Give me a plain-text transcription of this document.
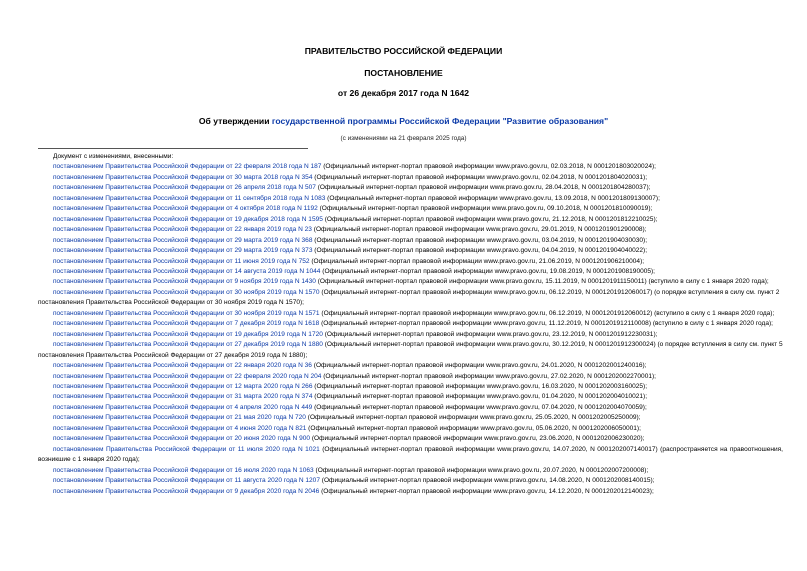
ПРАВИТЕЛЬСТВО РОССИЙСКОЙ ФЕДЕРАЦИИ
ПОСТАНОВЛЕНИЕ
от 26 декабря 2017 года N 1642
Об утверждении государственной программы Российской Федерации "Развитие образования"
(с изменениями на 21 февраля 2025 года)
Документ с изменениями, внесенными:
постановлением Правительства Российской Федерации от 22 февраля 2018 года N 187 (Официальный интернет-портал правовой информации www.pravo.gov.ru, 02.03.2018, N 0001201803020024);
постановлением Правительства Российской Федерации от 30 марта 2018 года N 354 (Официальный интернет-портал правовой информации www.pravo.gov.ru, 02.04.2018, N 0001201804020031);
постановлением Правительства Российской Федерации от 26 апреля 2018 года N 507 (Официальный интернет-портал правовой информации www.pravo.gov.ru, 28.04.2018, N 0001201804280037);
постановлением Правительства Российской Федерации от 11 сентября 2018 года N 1083 (Официальный интернет-портал правовой информации www.pravo.gov.ru, 13.09.2018, N 0001201809130007);
постановлением Правительства Российской Федерации от 4 октября 2018 года N 1192 (Официальный интернет-портал правовой информации www.pravo.gov.ru, 09.10.2018, N 0001201810090019);
постановлением Правительства Российской Федерации от 19 декабря 2018 года N 1595 (Официальный интернет-портал правовой информации www.pravo.gov.ru, 21.12.2018, N 0001201812210025);
постановлением Правительства Российской Федерации от 22 января 2019 года N 23 (Официальный интернет-портал правовой информации www.pravo.gov.ru, 29.01.2019, N 0001201901290008);
постановлением Правительства Российской Федерации от 29 марта 2019 года N 368 (Официальный интернет-портал правовой информации www.pravo.gov.ru, 03.04.2019, N 0001201904030030);
постановлением Правительства Российской Федерации от 29 марта 2019 года N 373 (Официальный интернет-портал правовой информации www.pravo.gov.ru, 04.04.2019, N 0001201904040022);
постановлением Правительства Российской Федерации от 11 июня 2019 года N 752 (Официальный интернет-портал правовой информации www.pravo.gov.ru, 21.06.2019, N 0001201906210004);
постановлением Правительства Российской Федерации от 14 августа 2019 года N 1044 (Официальный интернет-портал правовой информации www.pravo.gov.ru, 19.08.2019, N 0001201908190005);
постановлением Правительства Российской Федерации от 9 ноября 2019 года N 1430 (Официальный интернет-портал правовой информации www.pravo.gov.ru, 15.11.2019, N 0001201911150011) (вступило в силу с 1 января 2020 года);
постановлением Правительства Российской Федерации от 30 ноября 2019 года N 1570 (Официальный интернет-портал правовой информации www.pravo.gov.ru, 06.12.2019, N 0001201912060017) (о порядке вступления в силу см. пункт 2 постановления Правительства Российской Федерации от 30 ноября 2019 года N 1570);
постановлением Правительства Российской Федерации от 30 ноября 2019 года N 1571 (Официальный интернет-портал правовой информации www.pravo.gov.ru, 06.12.2019, N 0001201912060012) (вступило в силу с 1 января 2020 года);
постановлением Правительства Российской Федерации от 7 декабря 2019 года N 1618 (Официальный интернет-портал правовой информации www.pravo.gov.ru, 11.12.2019, N 0001201912110008) (вступило в силу с 1 января 2020 года);
постановлением Правительства Российской Федерации от 19 декабря 2019 года N 1720 (Официальный интернет-портал правовой информации www.pravo.gov.ru, 23.12.2019, N 0001201912230031);
постановлением Правительства Российской Федерации от 27 декабря 2019 года N 1880 (Официальный интернет-портал правовой информации www.pravo.gov.ru, 30.12.2019, N 0001201912300024) (о порядке вступления в силу см. пункт 5 постановления Правительства Российской Федерации от 27 декабря 2019 года N 1880);
постановлением Правительства Российской Федерации от 22 января 2020 года N 36 (Официальный интернет-портал правовой информации www.pravo.gov.ru, 24.01.2020, N 0001202001240016);
постановлением Правительства Российской Федерации от 22 февраля 2020 года N 204 (Официальный интернет-портал правовой информации www.pravo.gov.ru, 27.02.2020, N 0001202002270001);
постановлением Правительства Российской Федерации от 12 марта 2020 года N 266 (Официальный интернет-портал правовой информации www.pravo.gov.ru, 16.03.2020, N 0001202003160025);
постановлением Правительства Российской Федерации от 31 марта 2020 года N 374 (Официальный интернет-портал правовой информации www.pravo.gov.ru, 01.04.2020, N 0001202004010021);
постановлением Правительства Российской Федерации от 4 апреля 2020 года N 449 (Официальный интернет-портал правовой информации www.pravo.gov.ru, 07.04.2020, N 0001202004070059);
постановлением Правительства Российской Федерации от 21 мая 2020 года N 720 (Официальный интернет-портал правовой информации www.pravo.gov.ru, 25.05.2020, N 0001202005250009);
постановлением Правительства Российской Федерации от 4 июня 2020 года N 821 (Официальный интернет-портал правовой информации www.pravo.gov.ru, 05.06.2020, N 0001202006050001);
постановлением Правительства Российской Федерации от 20 июня 2020 года N 900 (Официальный интернет-портал правовой информации www.pravo.gov.ru, 23.06.2020, N 0001202006230020);
постановлением Правительства Российской Федерации от 11 июля 2020 года N 1021 (Официальный интернет-портал правовой информации www.pravo.gov.ru, 14.07.2020, N 0001202007140017) (распространяется на правоотношения, возникшие с 1 января 2020 года);
постановлением Правительства Российской Федерации от 16 июля 2020 года N 1063 (Официальный интернет-портал правовой информации www.pravo.gov.ru, 20.07.2020, N 0001202007200008);
постановлением Правительства Российской Федерации от 11 августа 2020 года N 1207 (Официальный интернет-портал правовой информации www.pravo.gov.ru, 14.08.2020, N 0001202008140015);
постановлением Правительства Российской Федерации от 9 декабря 2020 года N 2046 (Официальный интернет-портал правовой информации www.pravo.gov.ru, 14.12.2020, N 0001202012140023);
